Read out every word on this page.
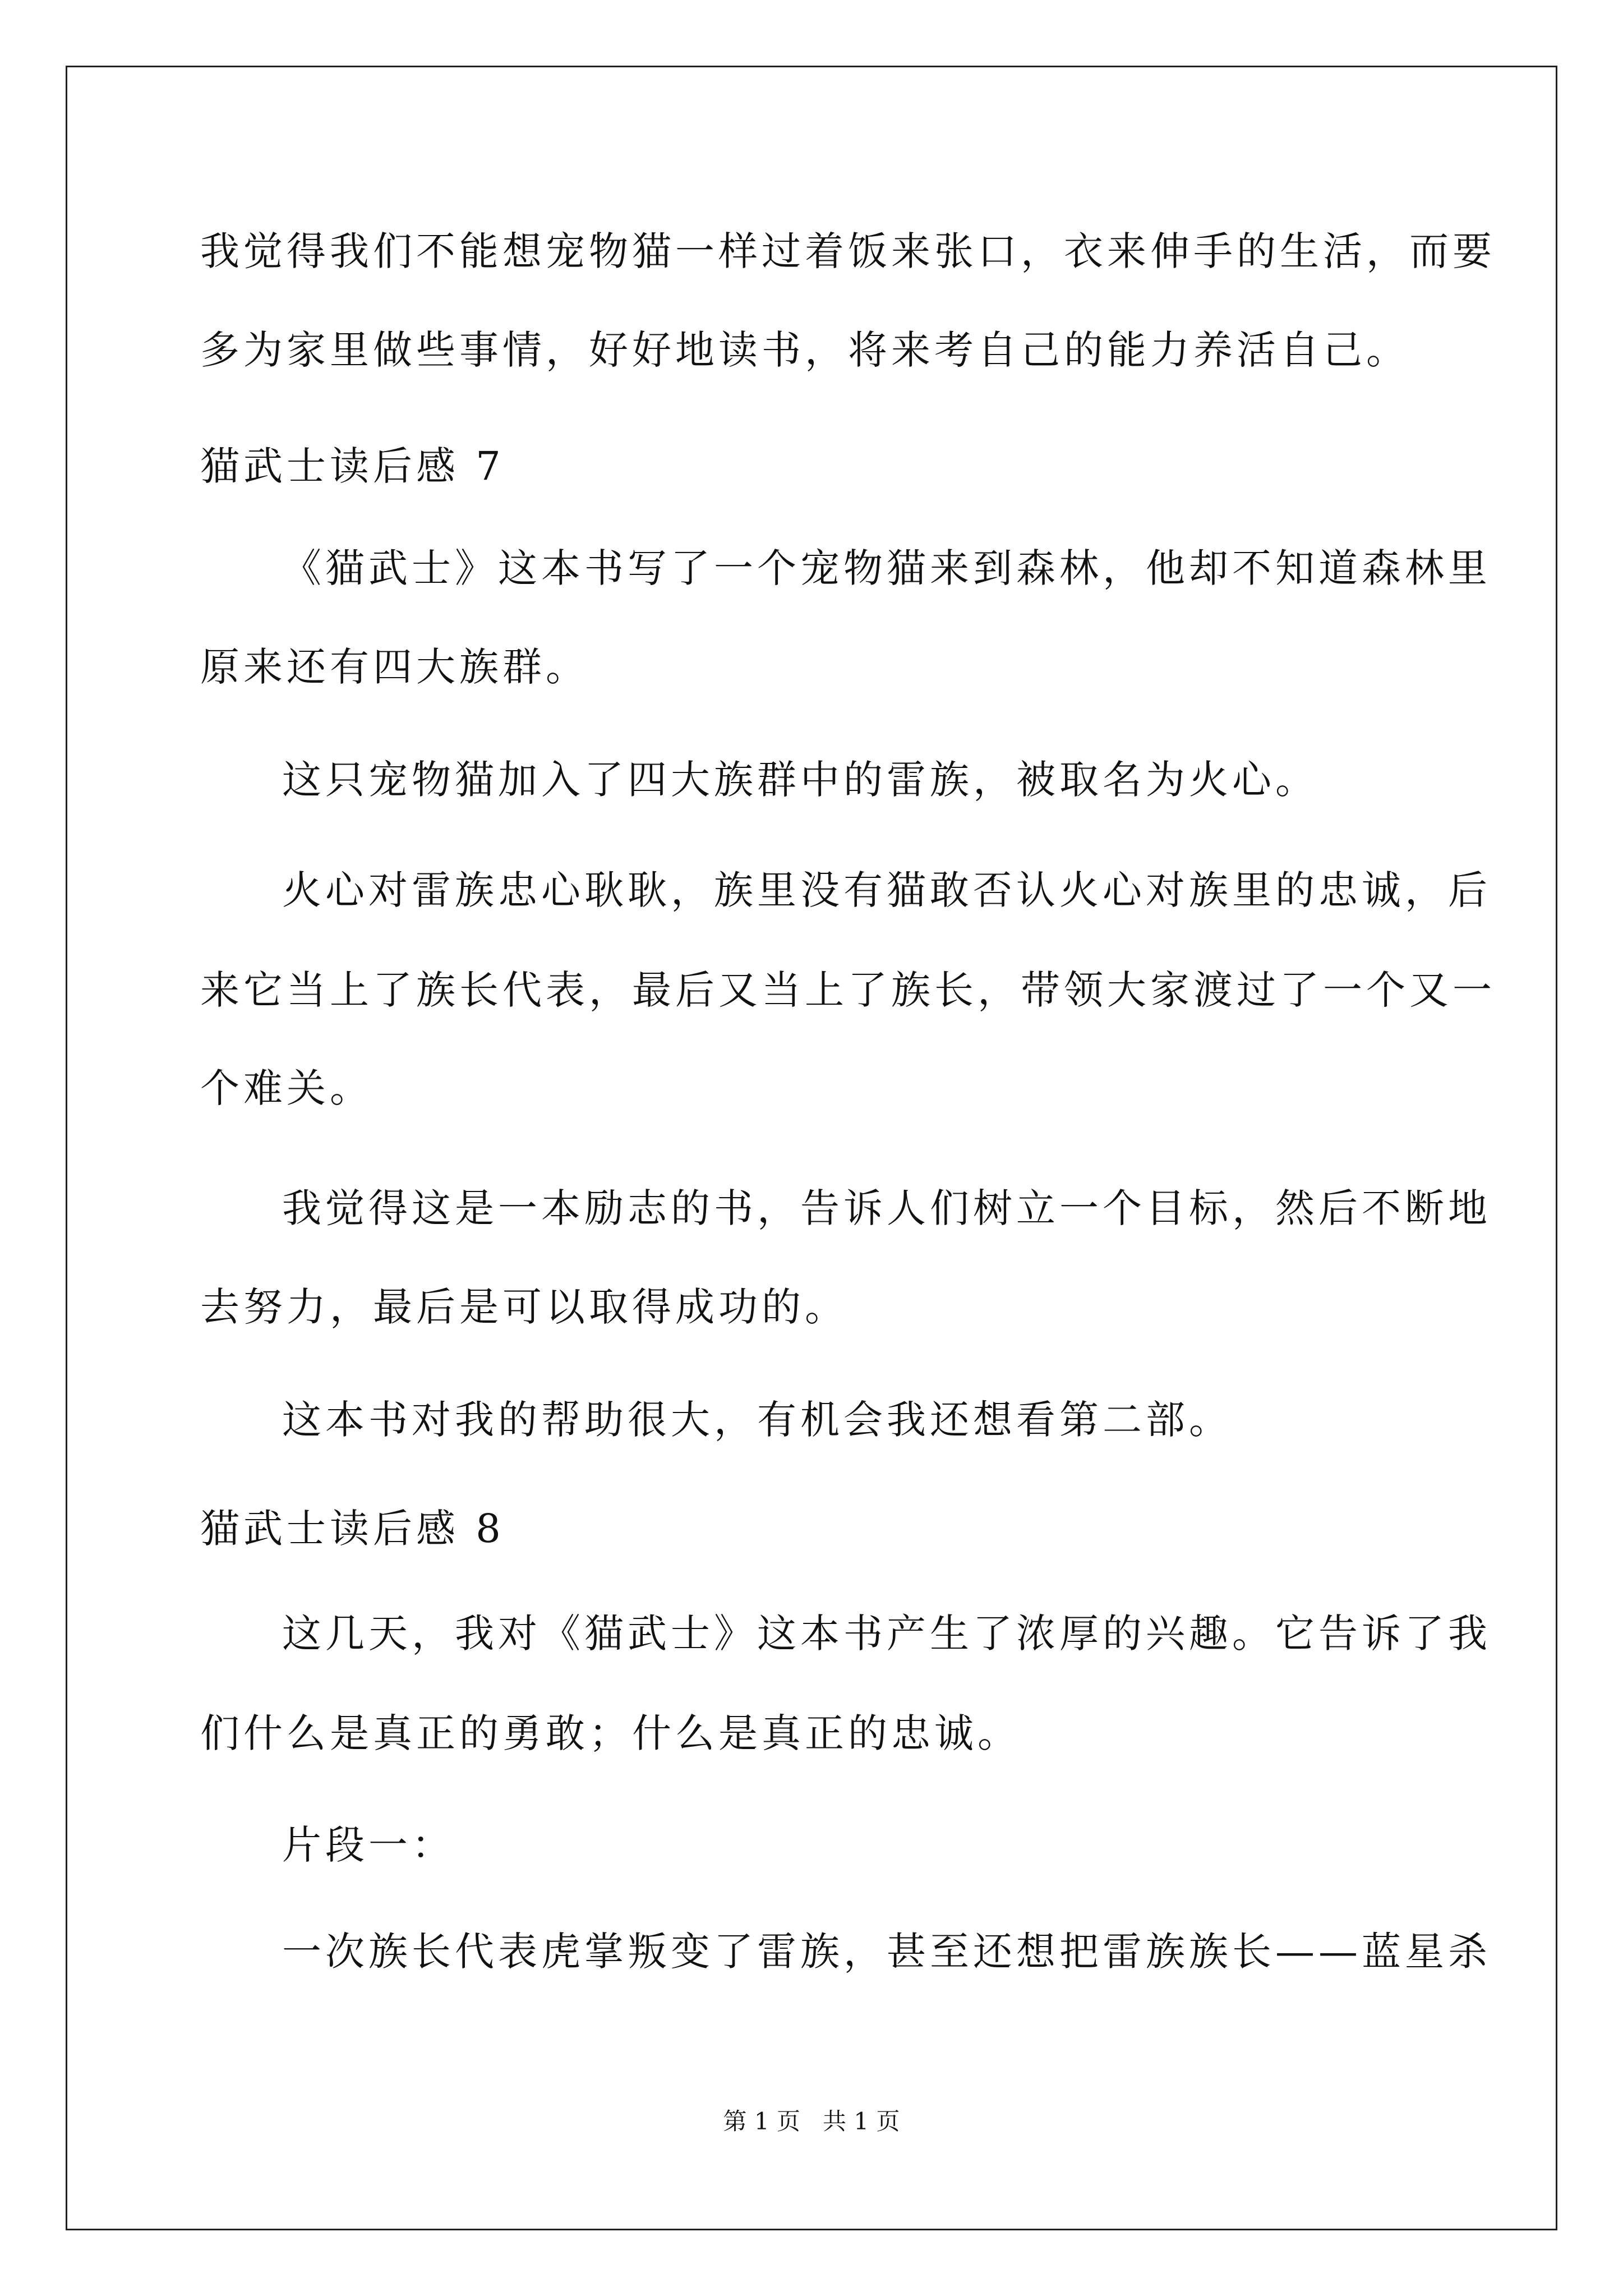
我觉得我们不能想宠物猫一样过着饭来张口，衣来伸手的生活，而要
多为家里做些事情，好好地读书，将来考自己的能力养活自己。
猫武士读后感 7
《猫武士》这本书写了一个宠物猫来到森林，他却不知道森林里
原来还有四大族群。
这只宠物猫加入了四大族群中的雷族，被取名为火心。
火心对雷族忠心耿耿，族里没有猫敢否认火心对族里的忠诚，后
来它当上了族长代表，最后又当上了族长，带领大家渡过了一个又一
个难关。
我觉得这是一本励志的书，告诉人们树立一个目标，然后不断地
去努力，最后是可以取得成功的。
这本书对我的帮助很大，有机会我还想看第二部。
猫武士读后感 8
这几天，我对《猫武士》这本书产生了浓厚的兴趣。它告诉了我
们什么是真正的勇敢；什么是真正的忠诚。
片段一：
一次族长代表虎掌叛变了雷族，甚至还想把雷族族长——蓝星杀
第 1 页   共 1 页
